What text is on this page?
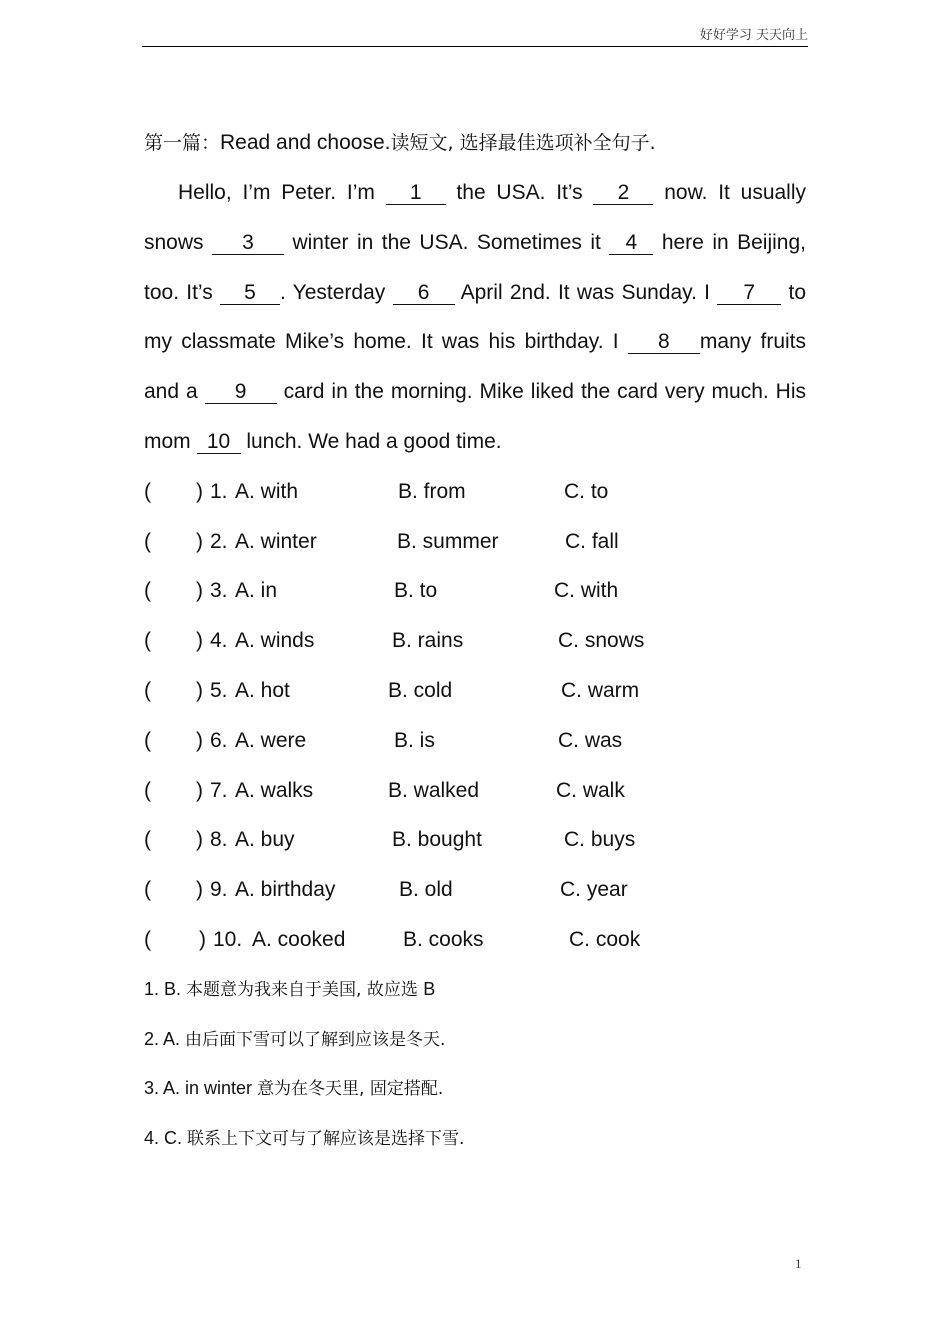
好好学习 天天向上
第一篇：Read and choose.读短文, 选择最佳选项补全句子.

Hello, I’m Peter. I’m 1 the USA. It’s 2 now. It usually snows 3 winter in the USA. Sometimes it 4 here in Beijing, too. It’s 5 . Yesterday 6 April 2nd. It was Sunday. I 7 to my classmate Mike’s home. It was his birthday. I 8 many fruits and a 9 card in the morning. Mike liked the card very much. His mom 10 lunch. We had a good time.

( ) 1. A. with	B. from	C. to
( ) 2. A. winter	B. summer	C. fall
( ) 3. A. in	B. to	C. with
( ) 4. A. winds	B. rains	C. snows
( ) 5. A. hot	B. cold	C. warm
( ) 6. A. were	B. is	C. was
( ) 7. A. walks	B. walked	C. walk
( ) 8. A. buy	B. bought	C. buys
( ) 9. A. birthday	B. old	C. year
( ) 10. A. cooked	B. cooks	C. cook
1. B. 本题意为我来自于美国, 故应选 B
2. A. 由后面下雪可以了解到应该是冬天.
3. A. in winter 意为在冬天里, 固定搭配.
4. C. 联系上下文可与了解应该是选择下雪.
1
